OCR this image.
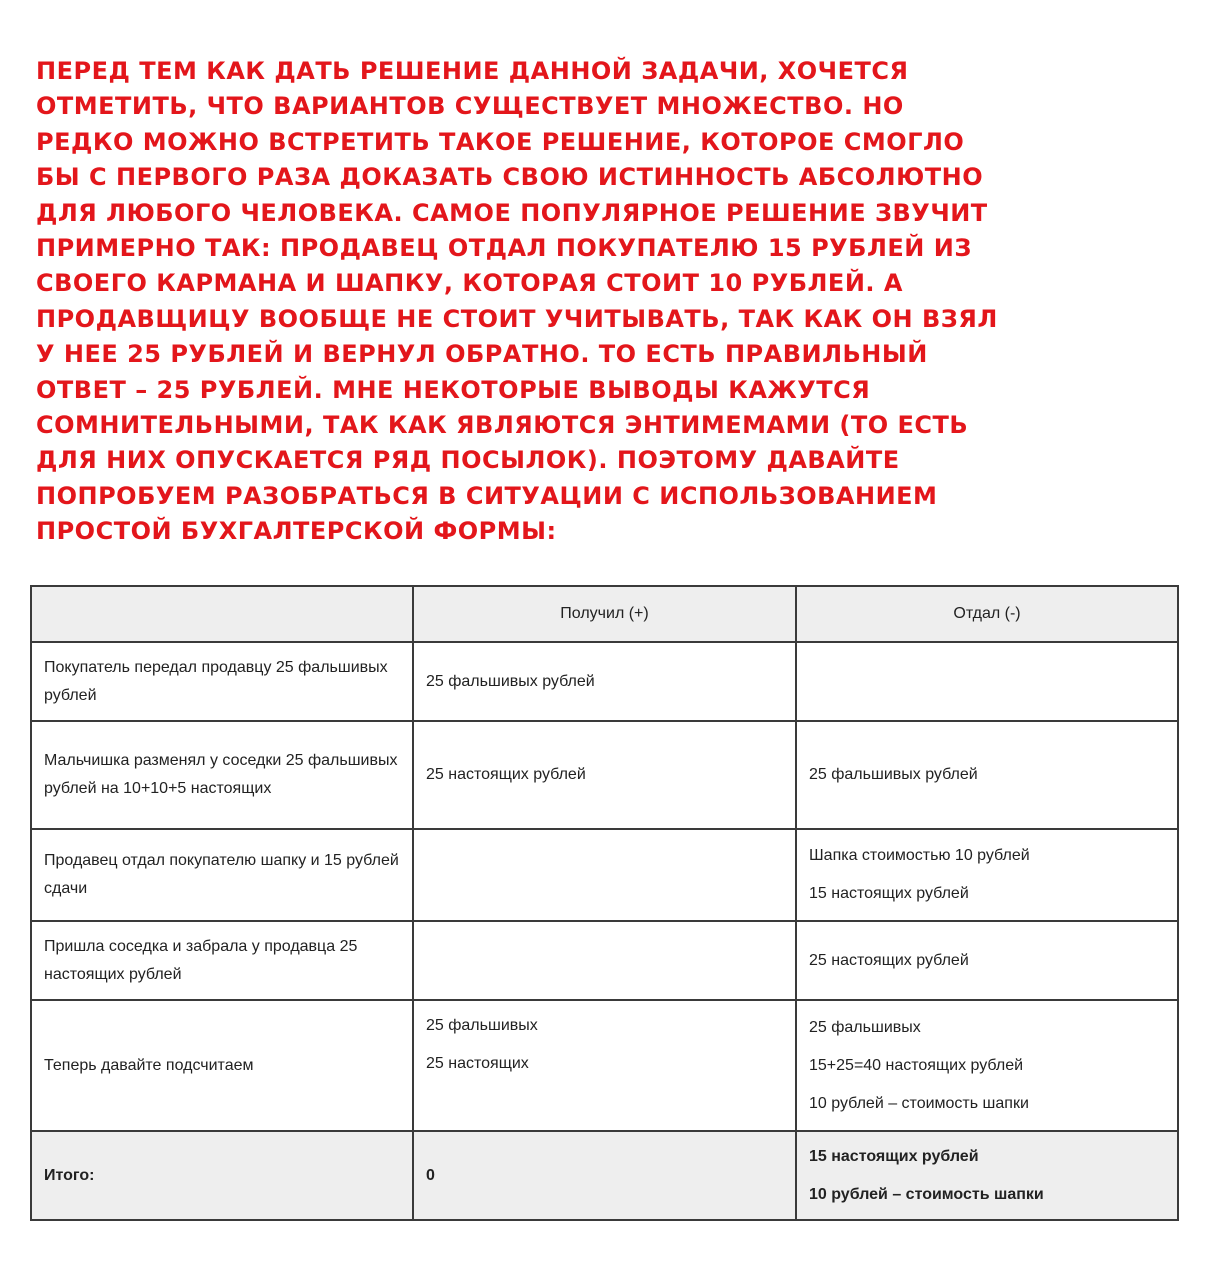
ПЕРЕД ТЕМ КАК ДАТЬ РЕШЕНИЕ ДАННОЙ ЗАДАЧИ, ХОЧЕТСЯ
ОТМЕТИТЬ, ЧТО ВАРИАНТОВ СУЩЕСТВУЕТ МНОЖЕСТВО. НО
РЕДКО МОЖНО ВСТРЕТИТЬ ТАКОЕ РЕШЕНИЕ, КОТОРОЕ СМОГЛО
БЫ С ПЕРВОГО РАЗА ДОКАЗАТЬ СВОЮ ИСТИННОСТЬ АБСОЛЮТНО
ДЛЯ ЛЮБОГО ЧЕЛОВЕКА. САМОЕ ПОПУЛЯРНОЕ РЕШЕНИЕ ЗВУЧИТ
ПРИМЕРНО ТАК: ПРОДАВЕЦ ОТДАЛ ПОКУПАТЕЛЮ 15 РУБЛЕЙ ИЗ
СВОЕГО КАРМАНА И ШАПКУ, КОТОРАЯ СТОИТ 10 РУБЛЕЙ. А
ПРОДАВЩИЦУ ВООБЩЕ НЕ СТОИТ УЧИТЫВАТЬ, ТАК КАК ОН ВЗЯЛ
У НЕЕ 25 РУБЛЕЙ И ВЕРНУЛ ОБРАТНО. ТО ЕСТЬ ПРАВИЛЬНЫЙ
ОТВЕТ – 25 РУБЛЕЙ. МНЕ НЕКОТОРЫЕ ВЫВОДЫ КАЖУТСЯ
СОМНИТЕЛЬНЫМИ, ТАК КАК ЯВЛЯЮТСЯ ЭНТИМЕМАМИ (ТО ЕСТЬ
ДЛЯ НИХ ОПУСКАЕТСЯ РЯД ПОСЫЛОК). ПОЭТОМУ ДАВАЙТЕ
ПОПРОБУЕМ РАЗОБРАТЬСЯ В СИТУАЦИИ С ИСПОЛЬЗОВАНИЕМ
ПРОСТОЙ БУХГАЛТЕРСКОЙ ФОРМЫ:

	Получил (+)	Отдал (-)
Покупатель передал продавцу 25 фальшивых рублей	25 фальшивых рублей	

Мальчишка разменял у соседки 25 фальшивых рублей на 10+10+5 настоящих	25 настоящих рублей	25 фальшивых рублей

Продавец отдал покупателю шапку и 15 рублей сдачи		Шапка стоимостью 10 рублей
15 настоящих рублей

Пришла соседка и забрала у продавца 25 настоящих рублей		25 настоящих рублей

Теперь давайте подсчитаем	25 фальшивых
25 настоящих	25 фальшивых
15+25=40 настоящих рублей
10 рублей – стоимость шапки

Итого:	0	15 настоящих рублей
10 рублей – стоимость шапки
